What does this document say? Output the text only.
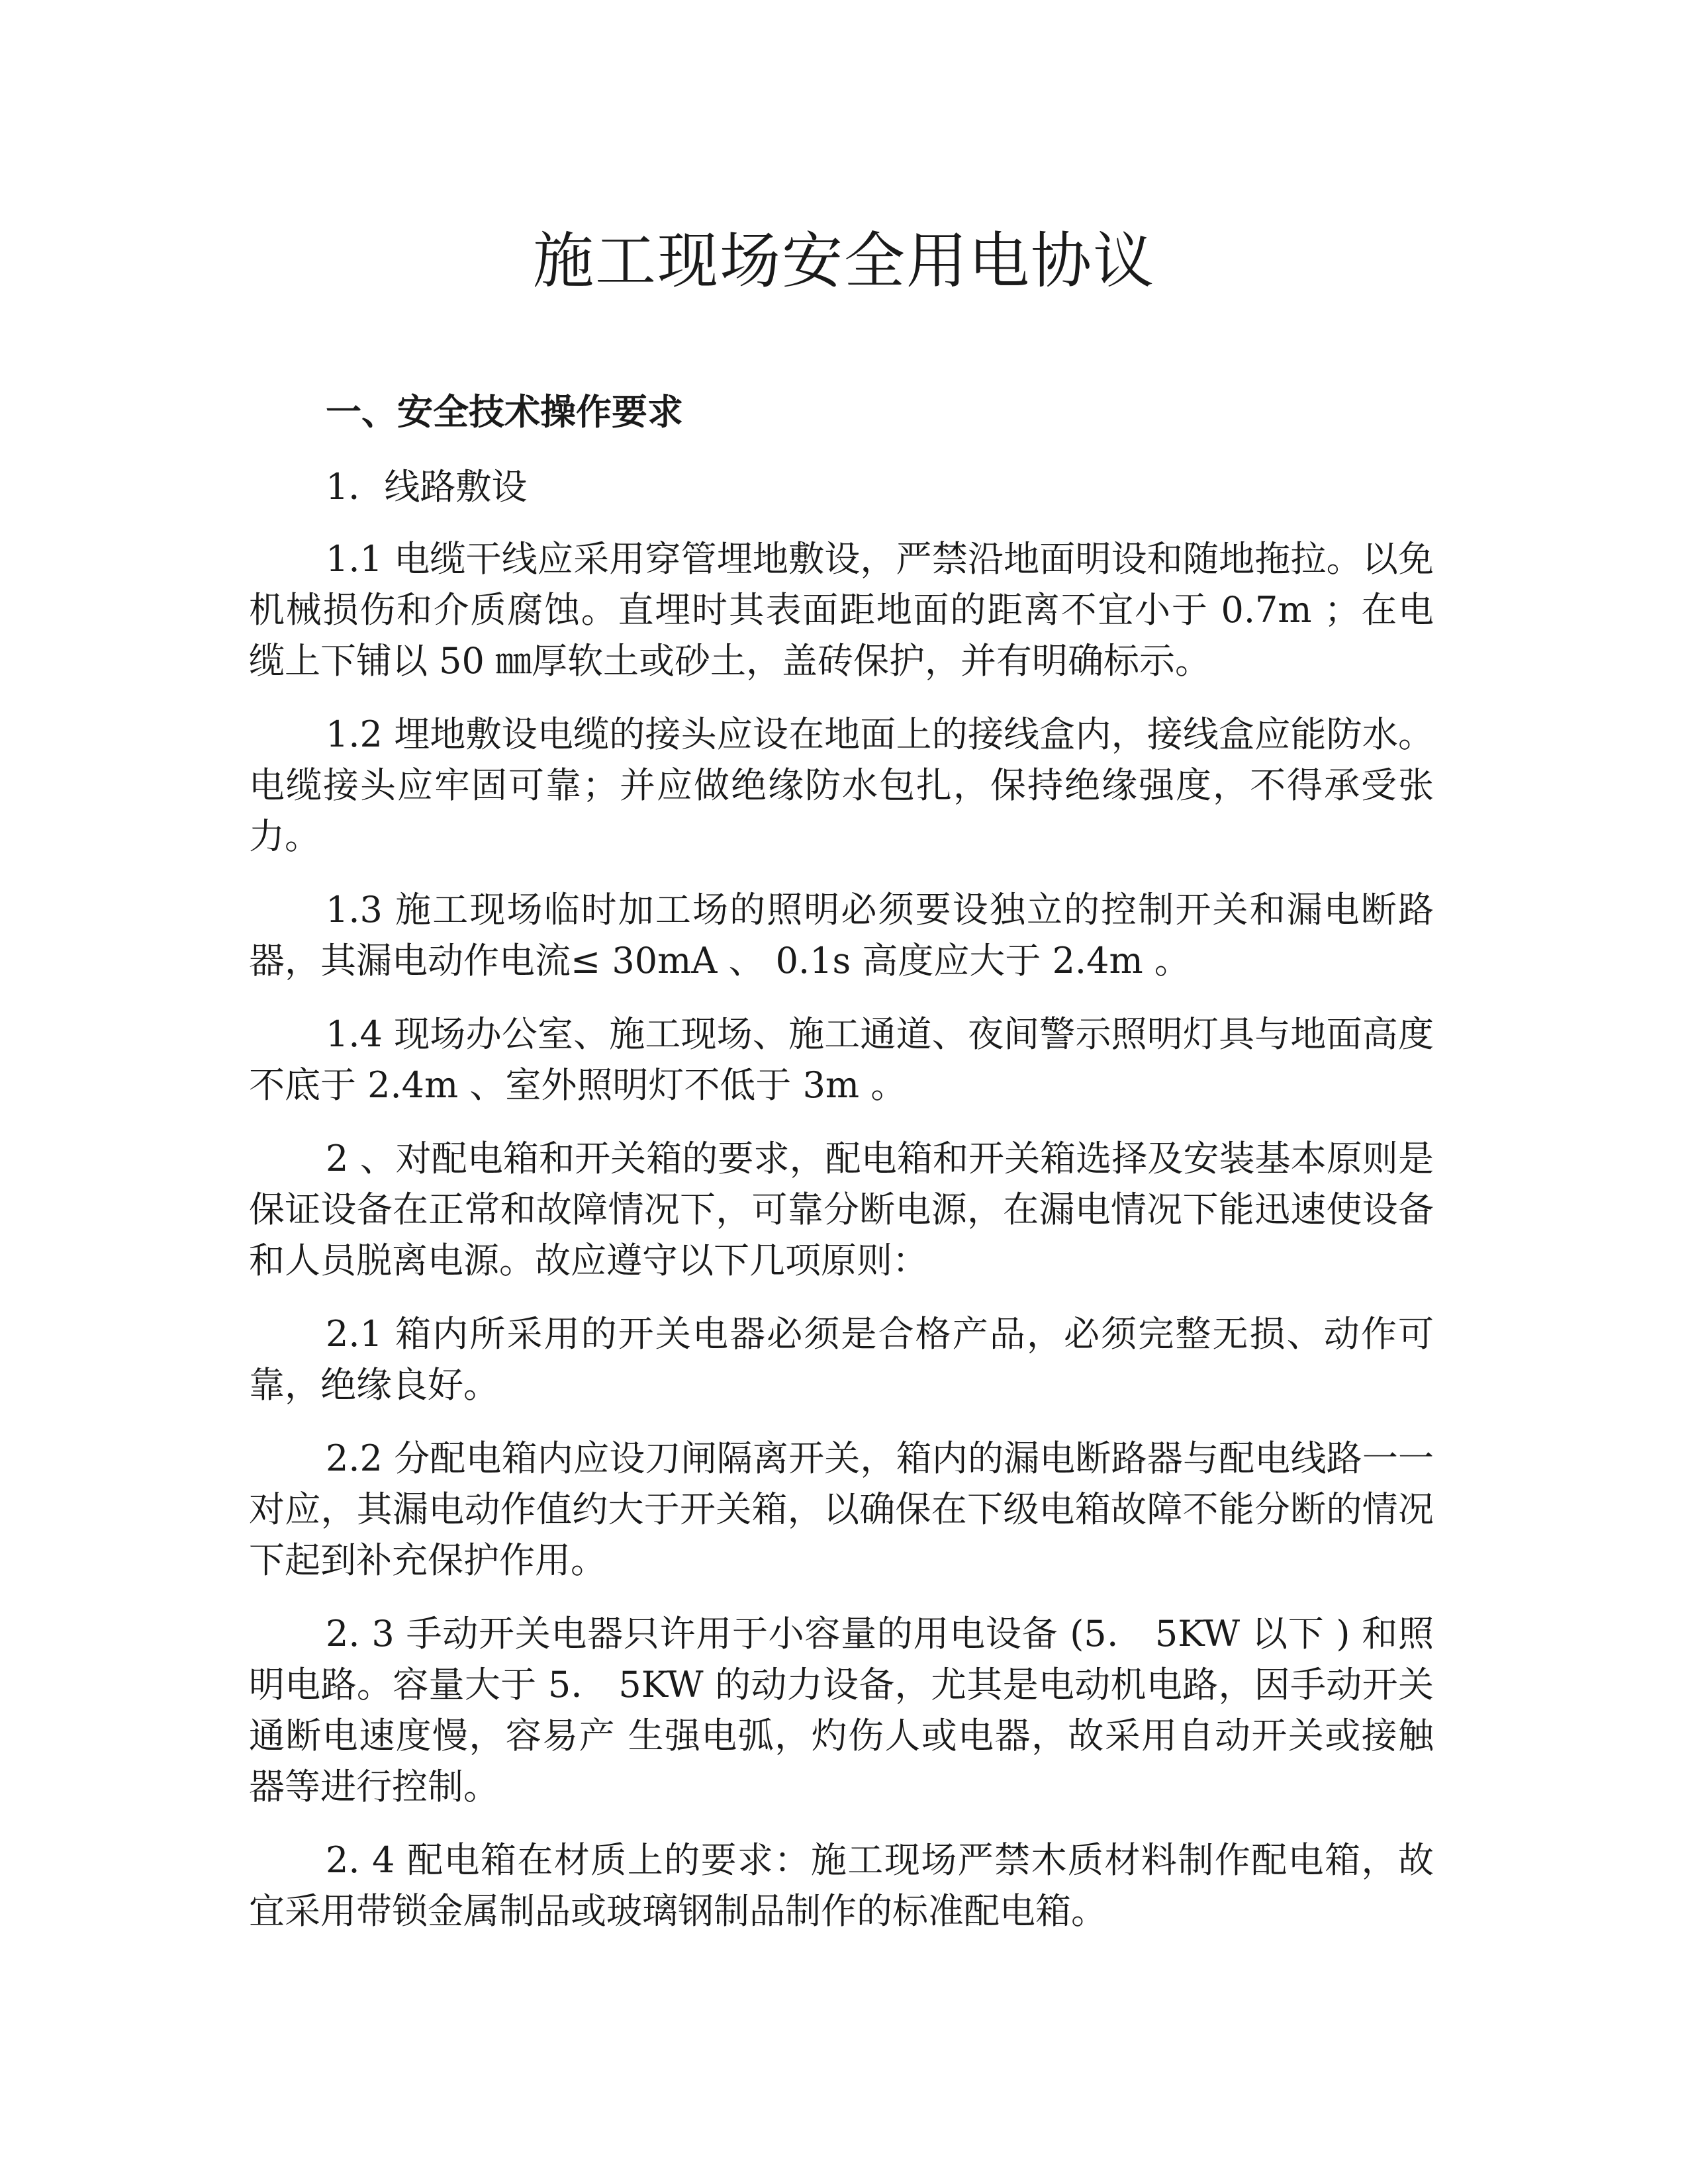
施工现场安全用电协议
一、安全技术操作要求
1．线路敷设

1.1 电缆干线应采用穿管埋地敷设，严禁沿地面明设和随地拖拉。以免机械损伤和介质腐蚀。直埋时其表面距地面的距离不宜小于 0.7m ；在电缆上下铺以 50 ㎜厚软土或砂土，盖砖保护，并有明确标示。

1.2 埋地敷设电缆的接头应设在地面上的接线盒内，接线盒应能防水。电缆接头应牢固可靠；并应做绝缘防水包扎，保持绝缘强度，不得承受张力。

1.3 施工现场临时加工场的照明必须要设独立的控制开关和漏电断路器，其漏电动作电流≤ 30mA 、 0.1s 高度应大于 2.4m 。

1.4 现场办公室、施工现场、施工通道、夜间警示照明灯具与地面高度不底于 2.4m 、室外照明灯不低于 3m 。

2 、对配电箱和开关箱的要求，配电箱和开关箱选择及安装基本原则是保证设备在正常和故障情况下，可靠分断电源，在漏电情况下能迅速使设备和人员脱离电源。故应遵守以下几项原则：

2.1 箱内所采用的开关电器必须是合格产品，必须完整无损、动作可靠，绝缘良好。

2.2 分配电箱内应设刀闸隔离开关，箱内的漏电断路器与配电线路一一对应，其漏电动作值约大于开关箱，以确保在下级电箱故障不能分断的情况下起到补充保护作用。

2. 3 手动开关电器只许用于小容量的用电设备 (5． 5KW 以下 ) 和照明电路。容量大于 5． 5KW 的动力设备，尤其是电动机电路，因手动开关通断电速度慢，容易产 生强电弧，灼伤人或电器，故采用自动开关或接触器等进行控制。

2. 4 配电箱在材质上的要求：施工现场严禁木质材料制作配电箱，故宜采用带锁金属制品或玻璃钢制品制作的标准配电箱。
